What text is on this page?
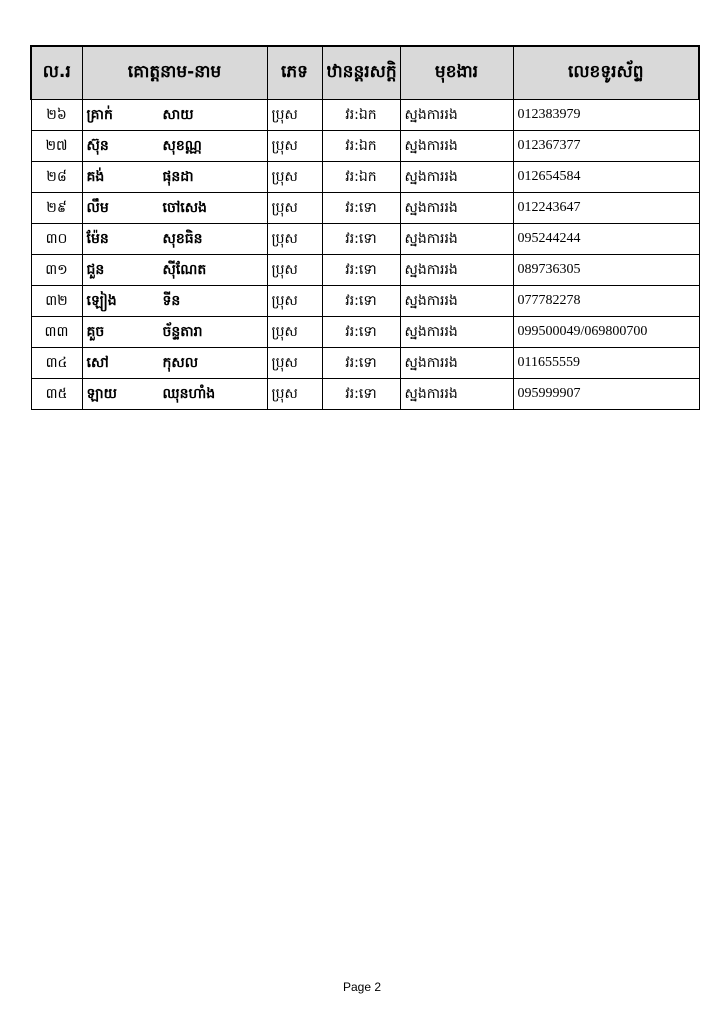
ល.រ	គោត្តនាម-នាម	ភេទ	ឋានន្តរសក្តិ	មុខងារ	លេខទូរស័ព្ទ
២៦	គ្រាក់ សាយ	ប្រុស	វរ:ឯក	ស្នងការរង	012383979
២៧	ស៊ុន សុខណ្ណ	ប្រុស	វរ:ឯក	ស្នងការរង	012367377
២៨	គង់ ផុនដា	ប្រុស	វរ:ឯក	ស្នងការរង	012654584
២៩	លឹម ចៅសេង	ប្រុស	វរ:ទោ	ស្នងការរង	012243647
៣០	ម៉ែន សុខធិន	ប្រុស	វរ:ទោ	ស្នងការរង	095244244
៣១	ជួន ស៊ីណែត	ប្រុស	វរ:ទោ	ស្នងការរង	089736305
៣២	ឡៀង ទីន	ប្រុស	វរ:ទោ	ស្នងការរង	077782278
៣៣	គួច ច័ន្ទតារា	ប្រុស	វរ:ទោ	ស្នងការរង	099500049/069800700
៣៤	សៅ កុសល	ប្រុស	វរ:ទោ	ស្នងការរង	011655559
៣៥	ឡាយ ឈុនហាំង	ប្រុស	វរ:ទោ	ស្នងការរង	095999907
Page 2
